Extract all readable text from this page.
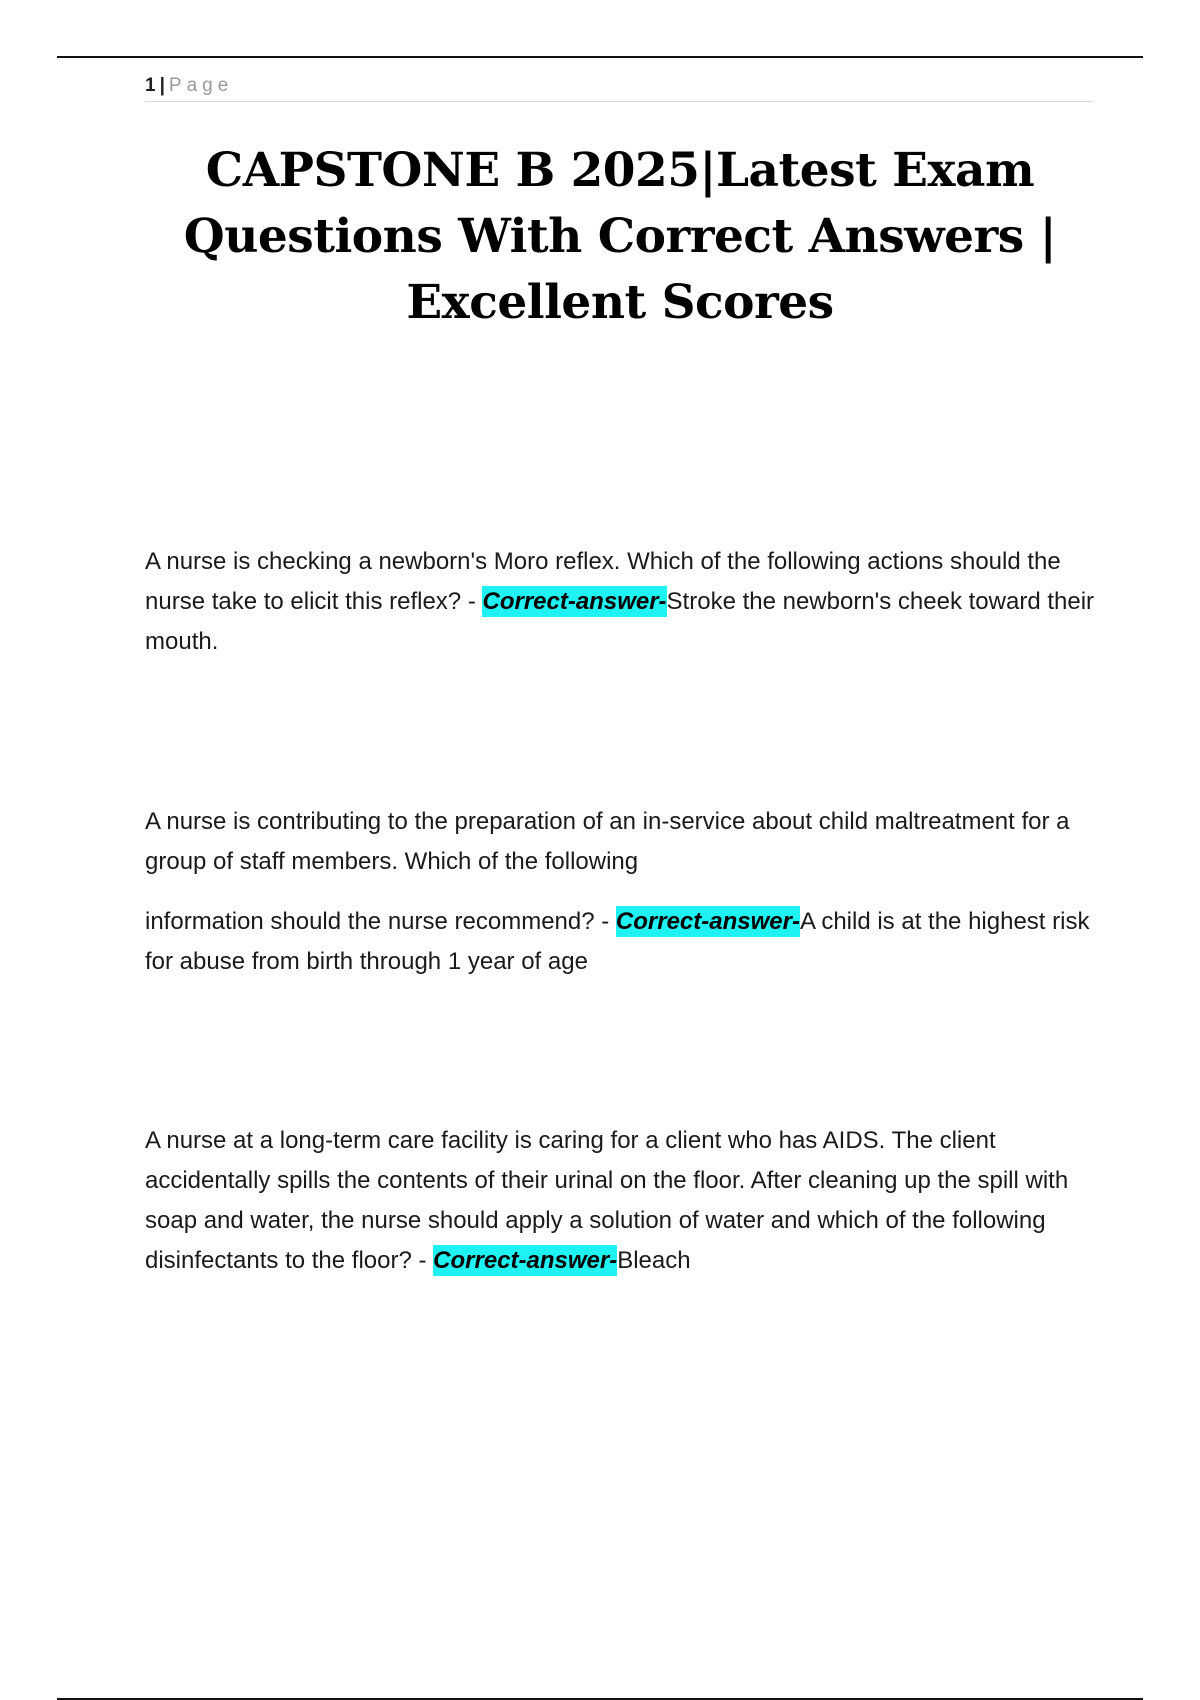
1 | Page
CAPSTONE B 2025|Latest Exam Questions With Correct Answers | Excellent Scores

A nurse is checking a newborn's Moro reflex. Which of the following actions should the nurse take to elicit this reflex? - Correct-answer-Stroke the newborn's cheek toward their mouth.

A nurse is contributing to the preparation of an in-service about child maltreatment for a group of staff members. Which of the following
information should the nurse recommend? - Correct-answer-A child is at the highest risk for abuse from birth through 1 year of age

A nurse at a long-term care facility is caring for a client who has AIDS. The client accidentally spills the contents of their urinal on the floor. After cleaning up the spill with soap and water, the nurse should apply a solution of water and which of the following disinfectants to the floor? - Correct-answer-Bleach
